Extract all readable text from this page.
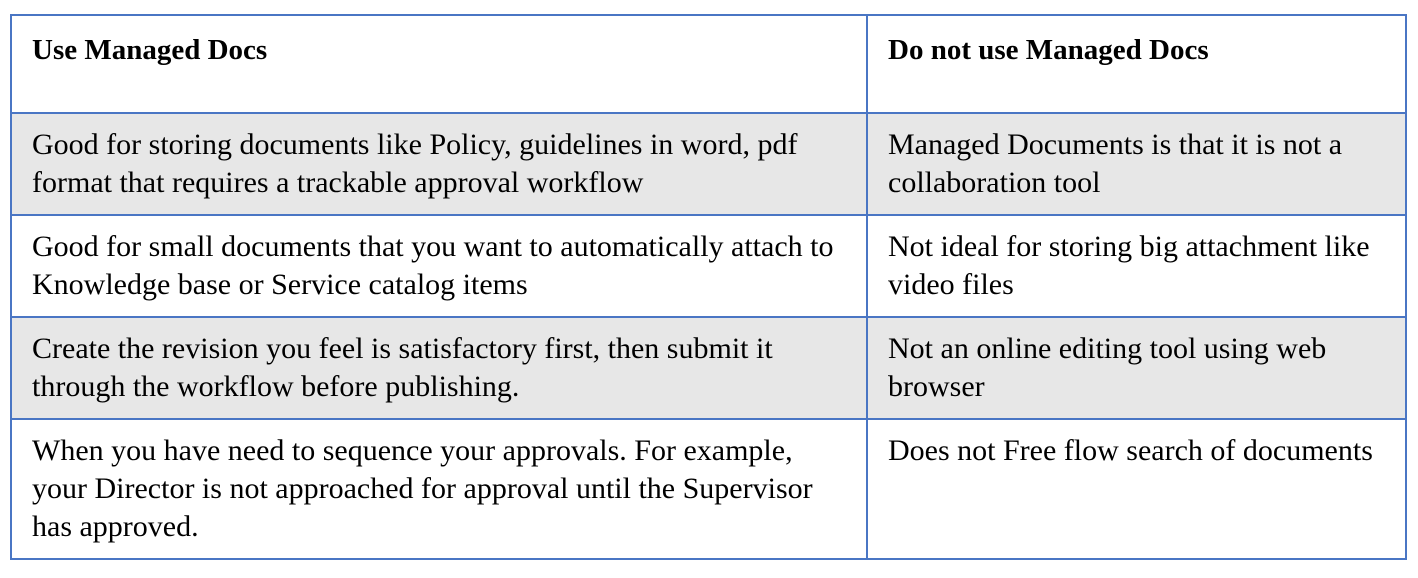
Use Managed Docs	Do not use Managed Docs
Good for storing documents like Policy, guidelines in word, pdf format that requires a trackable approval workflow	Managed Documents is that it is not a collaboration tool
Good for small documents that you want to automatically attach to Knowledge base or Service catalog items	Not ideal for storing big attachment like video files
Create the revision you feel is satisfactory first, then submit it through the workflow before publishing.	Not an online editing tool using web browser
When you have need to sequence your approvals. For example, your Director is not approached for approval until the Supervisor has approved.	Does not Free flow search of documents
